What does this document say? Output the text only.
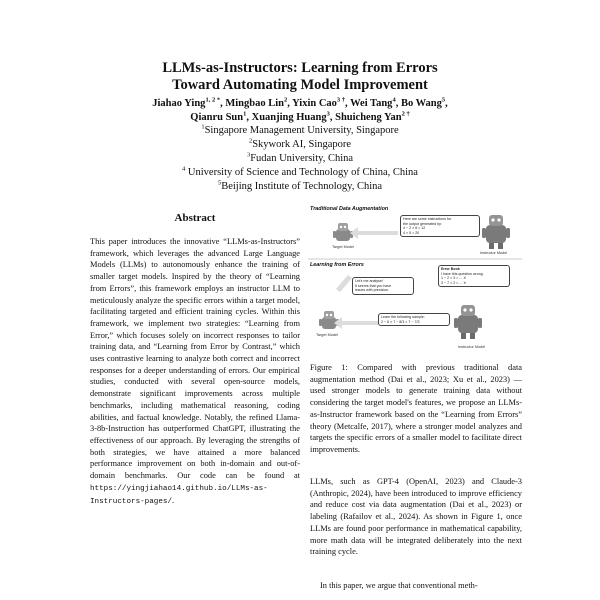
LLMs-as-Instructors: Learning from Errors
Toward Automating Model Improvement
Jiahao Ying$^{1, 2 *}$, Mingbao Lin$^2$, Yixin Cao$^{3 \dagger}$, Wei Tang$^4$, Bo Wang$^5$,
Qianru Sun$^1$, Xuanjing Huang$^3$, Shuicheng Yan$^{2 \dagger}$
$^1$Singapore Management University, Singapore
$^2$Skywork AI, Singapore
$^3$Fudan University, China
$^4$ University of Science and Technology of China, China
$^5$Beijing Institute of Technology, China
Abstract
This paper introduces the innovative “LLMs-as-Instructors” framework, which leverages the advanced Large Language Models (LLMs) to autonomously enhance the training of smaller target models. Inspired by the theory of “Learning from Errors”, this framework employs an instructor LLM to meticulously analyze the specific errors within a target model, facilitating targeted and efficient training cycles. Within this framework, we implement two strategies: “Learning from Error,” which focuses solely on incorrect responses to tailor training data, and “Learning from Error by Contrast,” which uses contrastive learning to analyze both correct and incorrect responses for a deeper understanding of errors. Our empirical studies, conducted with several open-source models, demonstrate significant improvements across multiple benchmarks, including mathematical reasoning, coding abilities, and factual knowledge. Notably, the refined Llama-3-8b-Instruction has outperformed ChatGPT, illustrating the effectiveness of our approach. By leveraging the strengths of both strategies, we have attained a more balanced performance improvement on both in-domain and out-of-domain benchmarks. Our code can be found at https://yingjiahao14.github.io/LLMs-as-Instructors-pages/.
Traditional Data Augmentation
Here are some instructions for
the output generated by:
4 − 2 × 6 = 12
4 × 5 = 20
Target Model
Instructor Model
Learning from Errors
Error Book
I have this question wrong
1 − 2 × 3 = ... ✕
3 − 7 × 2 = ... ✕
Let's me analyse!
It seems that you have
issues with precision.
Learn the following sample:
2 − 6 × 7 − 8/3 × 7 − 7/3
Target Model
Instructor Model
Figure 1: Compared with previous traditional data augmentation method (Dai et al., 2023; Xu et al., 2023) — used stronger models to generate training data without considering the target model's features, we propose an LLMs-as-Instructor framework based on the “Learning from Errors” theory (Metcalfe, 2017), where a stronger model analyzes and targets the specific errors of a smaller model to facilitate direct improvements.
LLMs, such as GPT-4 (OpenAI, 2023) and Claude-3 (Anthropic, 2024), have been introduced to improve efficiency and reduce cost via data augmentation (Dai et al., 2023) or labeling (Rafailov et al., 2024). As shown in Figure 1, once LLMs are found poor performance in mathematical capability, more math data will be integrated deliberately into the next training cycle.
In this paper, we argue that conventional meth-
